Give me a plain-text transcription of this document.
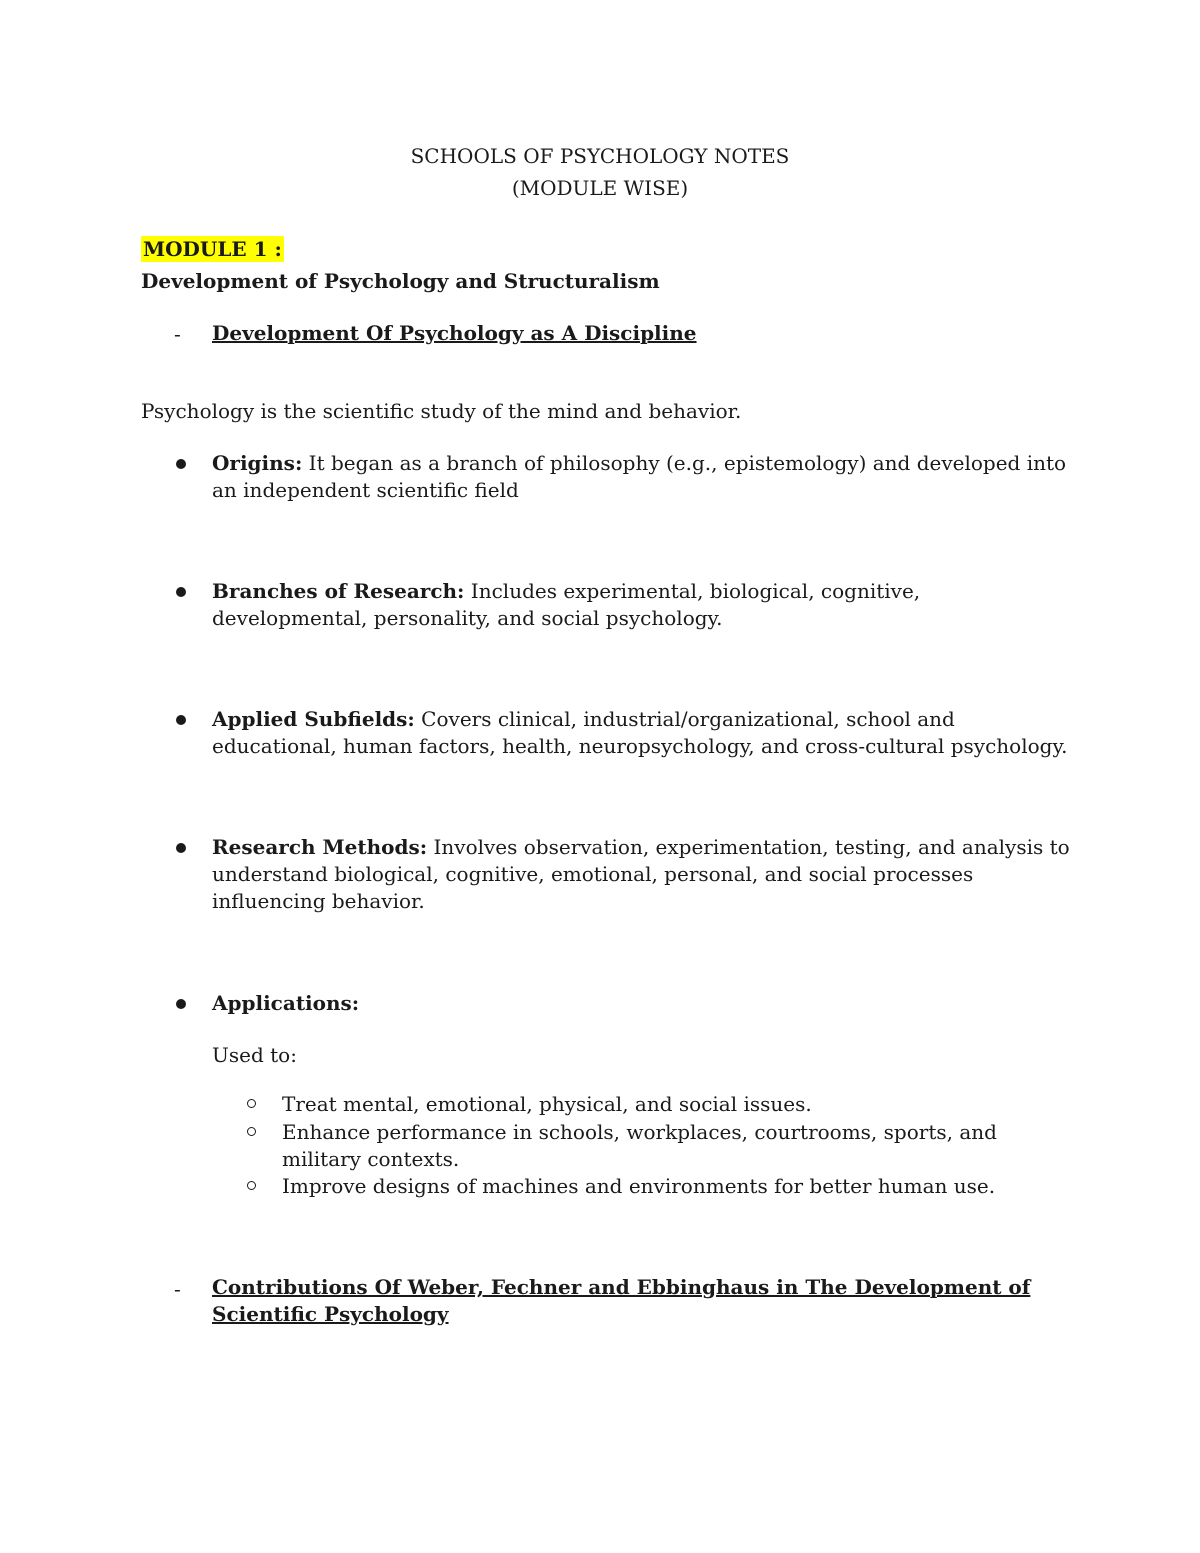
SCHOOLS OF PSYCHOLOGY NOTES
(MODULE WISE)
MODULE 1 :
Development of Psychology and Structuralism
- Development Of Psychology as A Discipline
Psychology is the scientific study of the mind and behavior.
Origins: It began as a branch of philosophy (e.g., epistemology) and developed into an independent scientific field
Branches of Research: Includes experimental, biological, cognitive, developmental, personality, and social psychology.
Applied Subfields: Covers clinical, industrial/organizational, school and educational, human factors, health, neuropsychology, and cross-cultural psychology.
Research Methods: Involves observation, experimentation, testing, and analysis to understand biological, cognitive, emotional, personal, and social processes influencing behavior.
Applications:
Used to:
Treat mental, emotional, physical, and social issues.
Enhance performance in schools, workplaces, courtrooms, sports, and military contexts.
Improve designs of machines and environments for better human use.
- Contributions Of Weber, Fechner and Ebbinghaus in The Development of Scientific Psychology
